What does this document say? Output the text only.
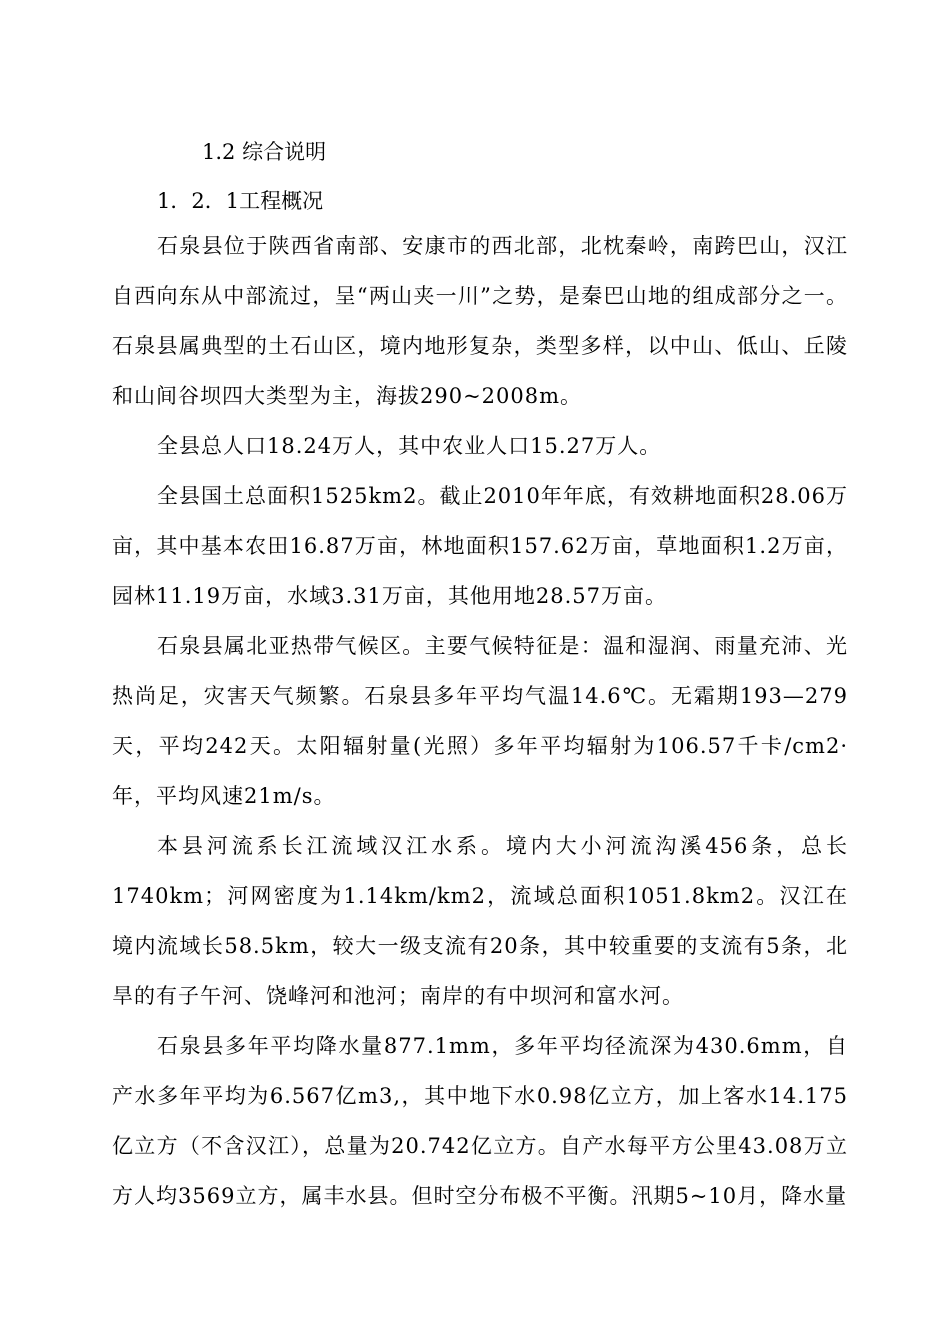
1.2 综合说明
1．2．1工程概况

石泉县位于陕西省南部、安康市的西北部，北枕秦岭，南跨巴山，汉江自西向东从中部流过，呈“两山夹一川”之势，是秦巴山地的组成部分之一。石泉县属典型的土石山区，境内地形复杂，类型多样，以中山、低山、丘陵和山间谷坝四大类型为主，海拔290~2008m。

全县总人口18.24万人，其中农业人口15.27万人。

全县国土总面积1525km2。截止2010年年底，有效耕地面积28.06万亩，其中基本农田16.87万亩，林地面积157.62万亩，草地面积1.2万亩，园林11.19万亩，水域3.31万亩，其他用地28.57万亩。

石泉县属北亚热带气候区。主要气候特征是：温和湿润、雨量充沛、光热尚足，灾害天气频繁。石泉县多年平均气温14.6℃。无霜期193—279天，平均242天。太阳辐射量(光照）多年平均辐射为106.57千卡/cm2·年，平均风速21m/s。

本县河流系长江流域汉江水系。境内大小河流沟溪456条，总长1740km；河网密度为1.14km/km2，流域总面积1051.8km2。汉江在境内流域长58.5km，较大一级支流有20条，其中较重要的支流有5条，北旱的有子午河、饶峰河和池河；南岸的有中坝河和富水河。

石泉县多年平均降水量877.1mm，多年平均径流深为430.6mm，自产水多年平均为6.567亿m3,，其中地下水0.98亿立方，加上客水14.175亿立方（不含汉江），总量为20.742亿立方。自产水每平方公里43.08万立方人均3569立方，属丰水县。但时空分布极不平衡。汛期5~10月，降水量
